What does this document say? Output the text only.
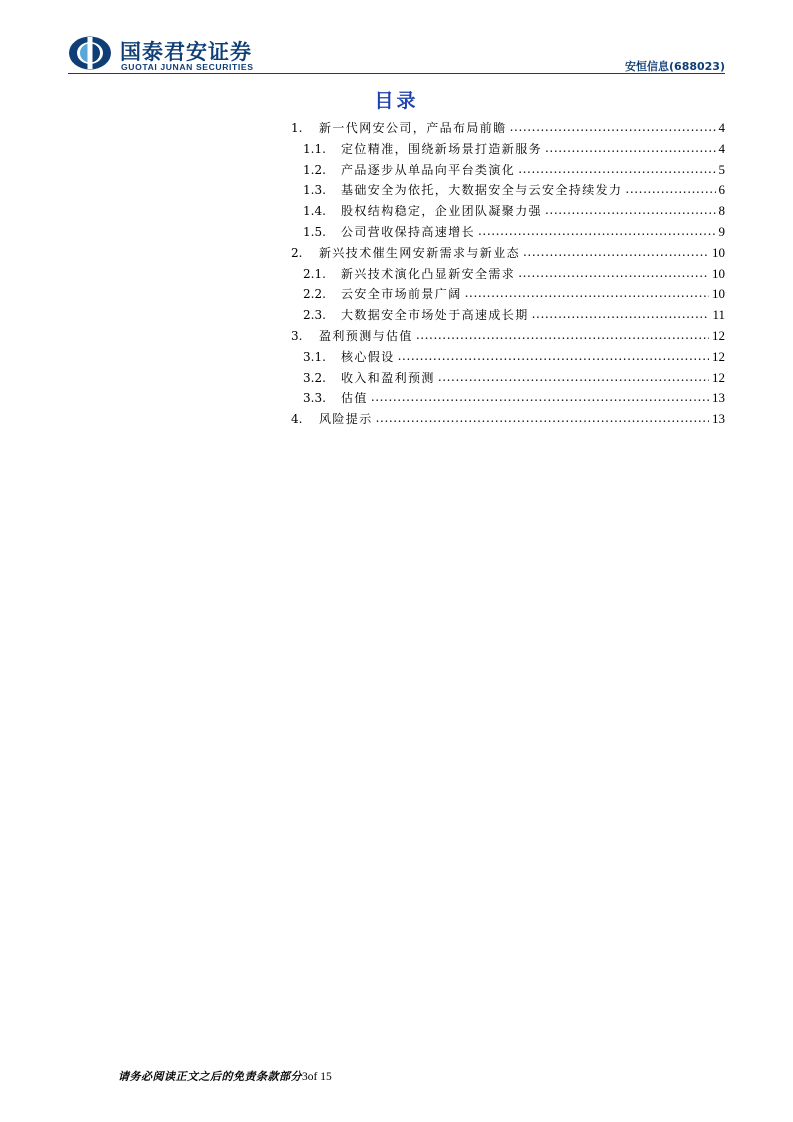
国泰君安证券
GUOTAI JUNAN SECURITIES	安恒信息(688023)
目录
1.	新一代网安公司，产品布局前瞻 .....	4
1.1.	定位精准，围绕新场景打造新服务 .....	4
1.2.	产品逐步从单品向平台类演化 .....	5
1.3.	基础安全为依托，大数据安全与云安全持续发力 .....	6
1.4.	股权结构稳定，企业团队凝聚力强 .....	8
1.5.	公司营收保持高速增长 .....	9
2.	新兴技术催生网安新需求与新业态 .....	10
2.1.	新兴技术演化凸显新安全需求 .....	10
2.2.	云安全市场前景广阔 .....	10
2.3.	大数据安全市场处于高速成长期 .....	11
3.	盈利预测与估值 .....	12
3.1.	核心假设 .....	12
3.2.	收入和盈利预测 .....	12
3.3.	估值 .....	13
4.	风险提示 .....	13
请务必阅读正文之后的免责条款部分3of 15
